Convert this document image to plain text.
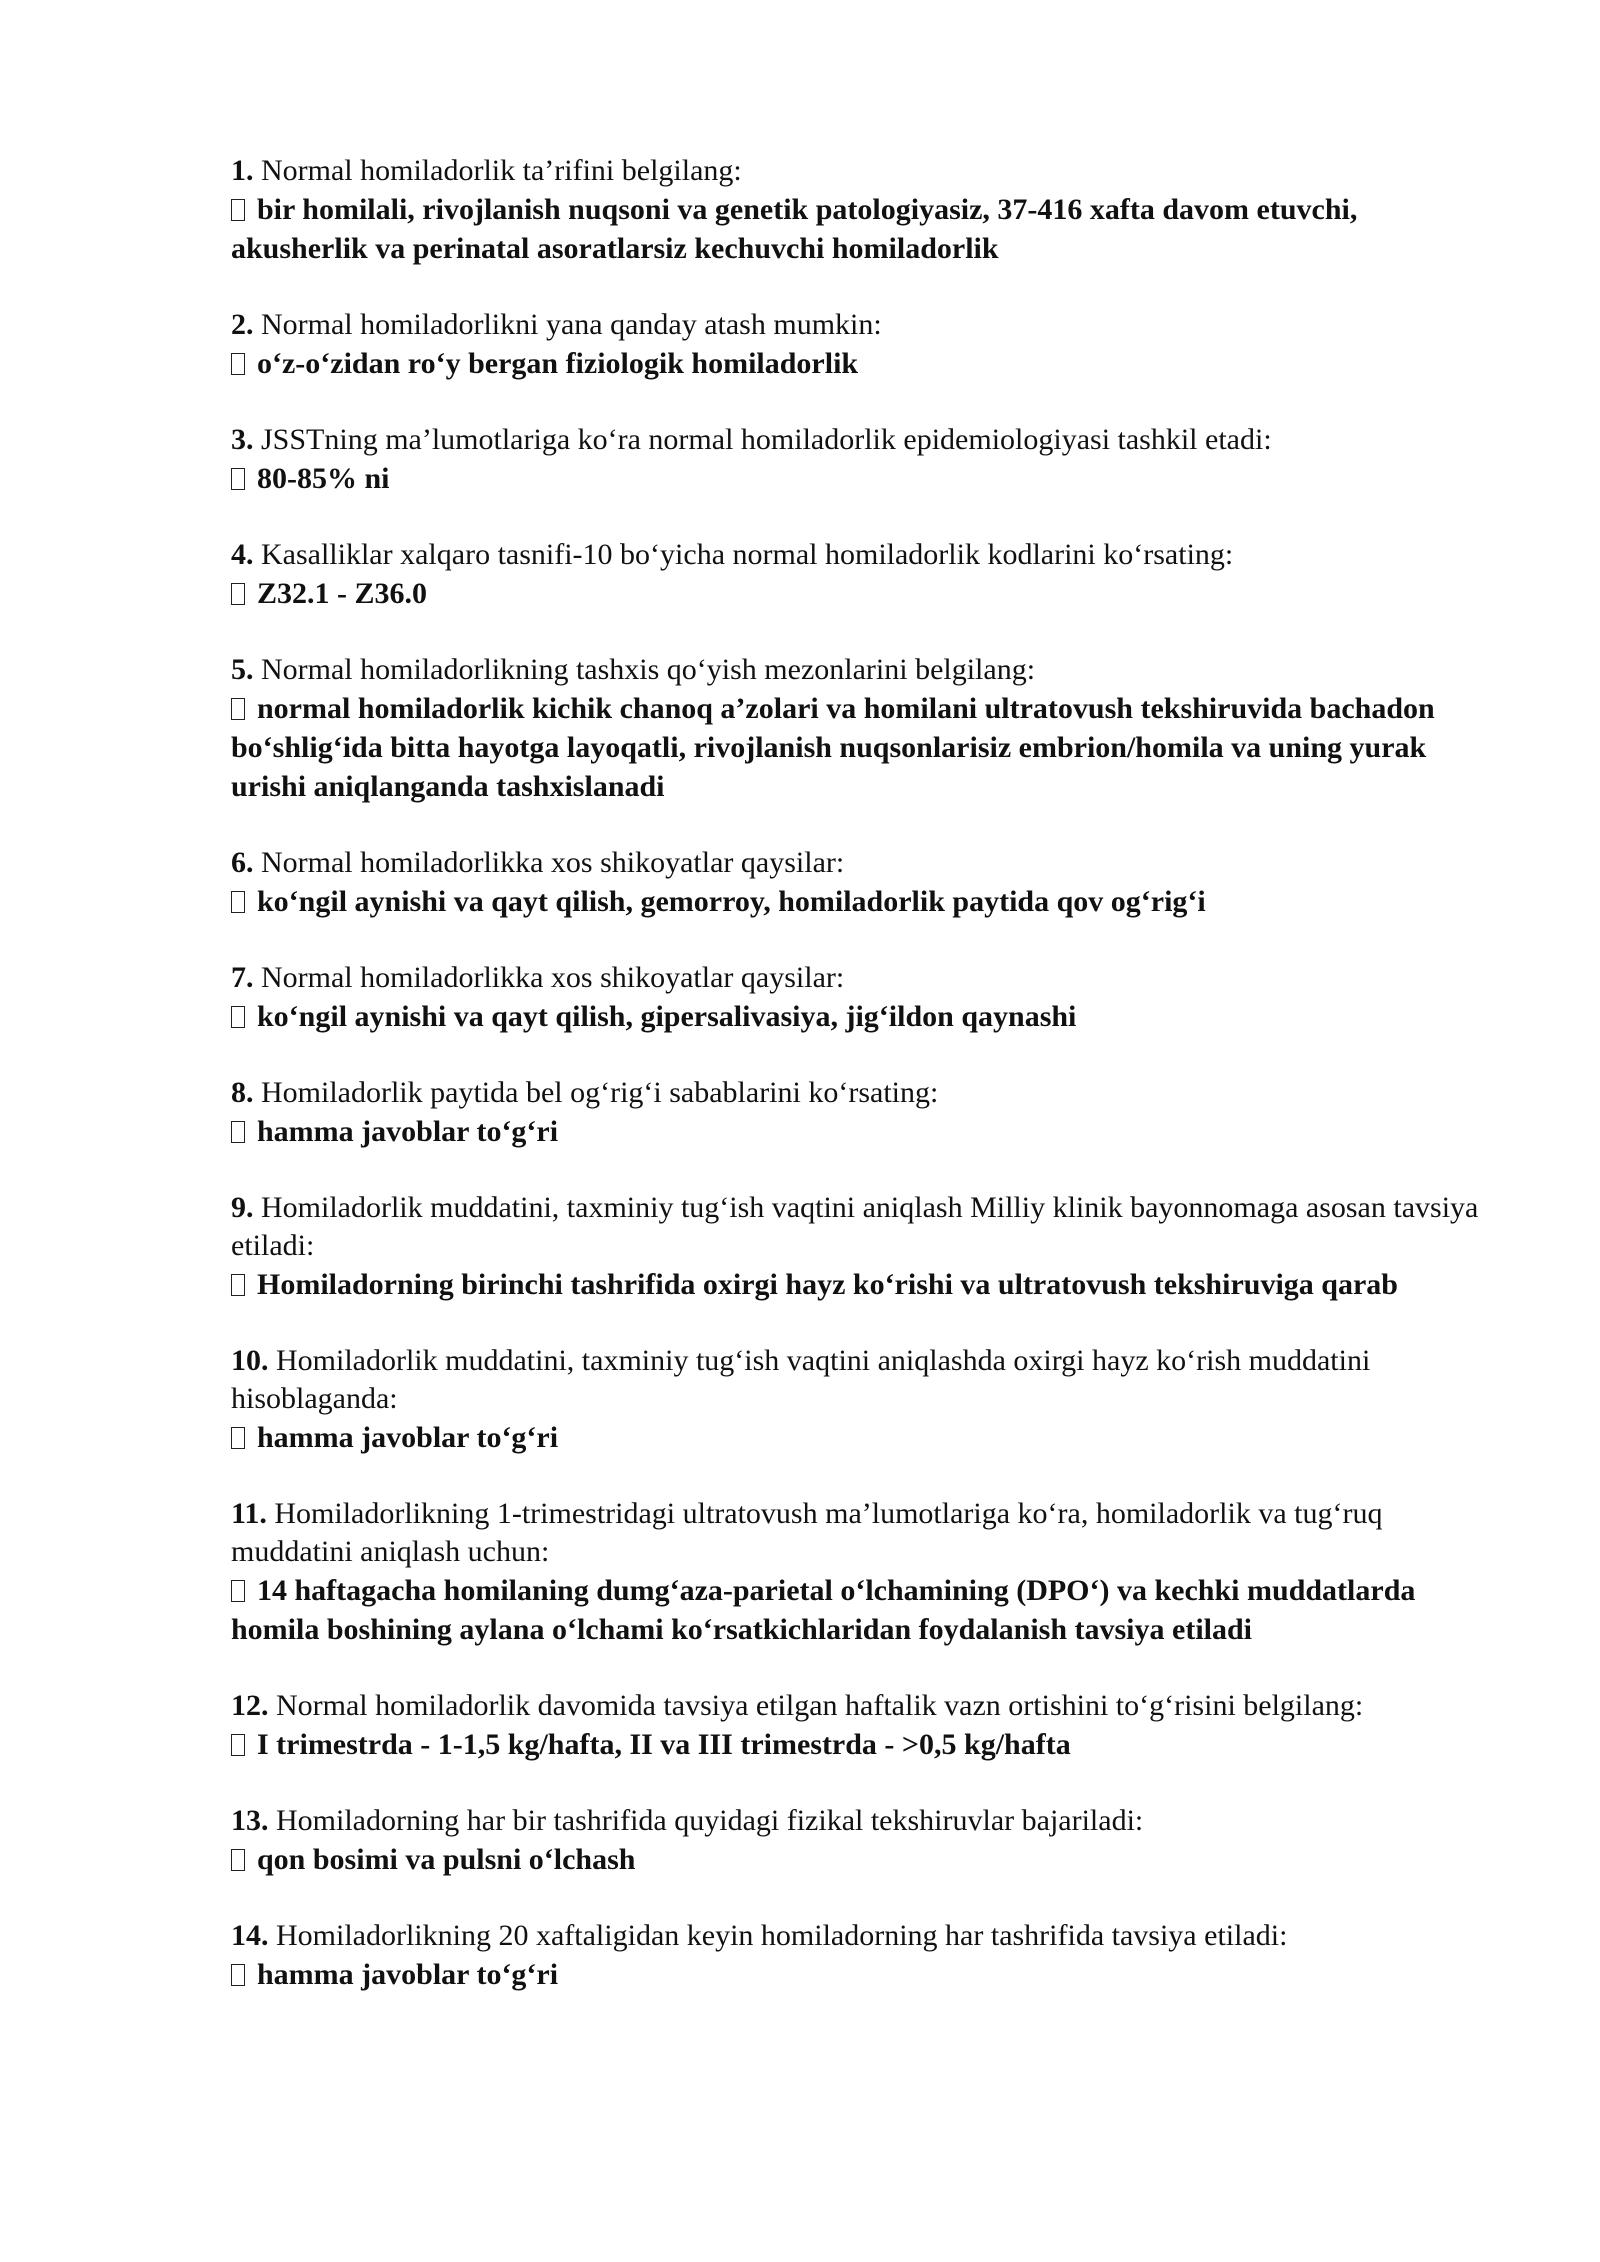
1. Normal homiladorlik ta’rifini belgilang:

bir homilali, rivojlanish nuqsoni va genetik patologiyasiz, 37-416 xafta davom etuvchi, akusherlik va perinatal asoratlarsiz kechuvchi homiladorlik

2. Normal homiladorlikni yana qanday atash mumkin:

o‘z-o‘zidan ro‘y bergan fiziologik homiladorlik

3. JSSTning ma’lumotlariga ko‘ra normal homiladorlik epidemiologiyasi tashkil etadi:

80-85% ni

4. Kasalliklar xalqaro tasnifi-10 bo‘yicha normal homiladorlik kodlarini ko‘rsating:

Z32.1 - Z36.0

5. Normal homiladorlikning tashxis qo‘yish mezonlarini belgilang:

normal homiladorlik kichik chanoq a’zolari va homilani ultratovush tekshiruvida bachadon bo‘shlig‘ida bitta hayotga layoqatli, rivojlanish nuqsonlarisiz embrion/homila va uning yurak urishi aniqlanganda tashxislanadi

6. Normal homiladorlikka xos shikoyatlar qaysilar:

ko‘ngil aynishi va qayt qilish, gemorroy, homiladorlik paytida qov og‘rig‘i

7. Normal homiladorlikka xos shikoyatlar qaysilar:

ko‘ngil aynishi va qayt qilish, gipersalivasiya, jig‘ildon qaynashi

8. Homiladorlik paytida bel og‘rig‘i sabablarini ko‘rsating:

hamma javoblar to‘g‘ri

9. Homiladorlik muddatini, taxminiy tug‘ish vaqtini aniqlash Milliy klinik bayonnomaga asosan tavsiya etiladi:

Homiladorning birinchi tashrifida oxirgi hayz ko‘rishi va ultratovush tekshiruviga qarab

10. Homiladorlik muddatini, taxminiy tug‘ish vaqtini aniqlashda oxirgi hayz ko‘rish muddatini hisoblaganda:

hamma javoblar to‘g‘ri

11. Homiladorlikning 1-trimestridagi ultratovush ma’lumotlariga ko‘ra, homiladorlik va tug‘ruq muddatini aniqlash uchun:

14 haftagacha homilaning dumg‘aza-parietal o‘lchamining (DPO‘) va kechki muddatlarda homila boshining aylana o‘lchami ko‘rsatkichlaridan foydalanish tavsiya etiladi

12. Normal homiladorlik davomida tavsiya etilgan haftalik vazn ortishini to‘g‘risini belgilang:

I trimestrda - 1-1,5 kg/hafta, II va III trimestrda - >0,5 kg/hafta

13. Homiladorning har bir tashrifida quyidagi fizikal tekshiruvlar bajariladi:

qon bosimi va pulsni o‘lchash

14. Homiladorlikning 20 xaftaligidan keyin homiladorning har tashrifida tavsiya etiladi:

hamma javoblar to‘g‘ri
